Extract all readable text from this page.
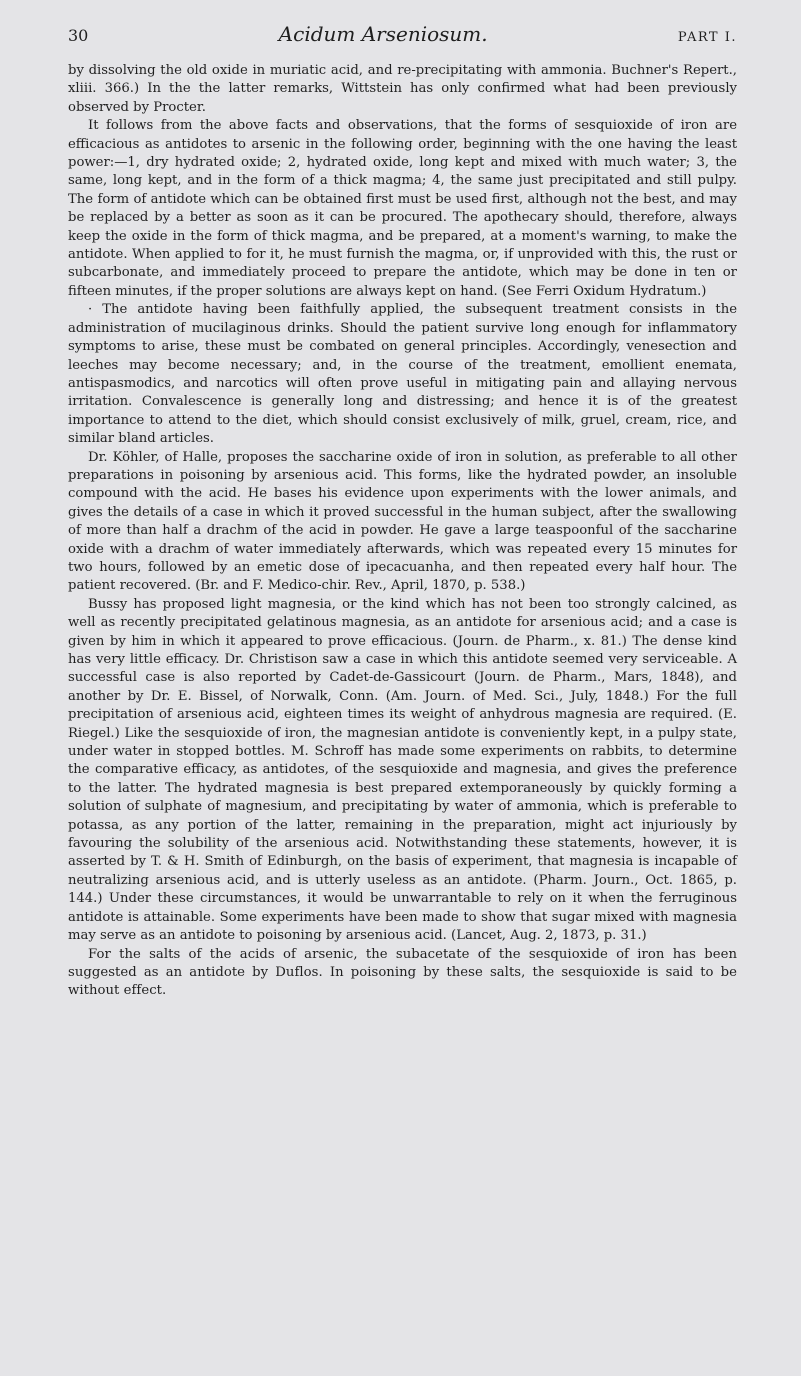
30	Acidum Arseniosum.	PART I.

by dissolving the old oxide in muriatic acid, and re-precipitating with ammonia. Buchner's Repert., xliii. 366.) In the the latter remarks, Wittstein has only confirmed what had been previously observed by Procter.

It follows from the above facts and observations, that the forms of sesquioxide of iron are efficacious as antidotes to arsenic in the following order, beginning with the one having the least power:—1, dry hydrated oxide; 2, hydrated oxide, long kept and mixed with much water; 3, the same, long kept, and in the form of a thick magma; 4, the same just precipitated and still pulpy. The form of antidote which can be obtained first must be used first, although not the best, and may be replaced by a better as soon as it can be procured. The apothecary should, therefore, always keep the oxide in the form of thick magma, and be prepared, at a moment's warning, to make the antidote. When applied to for it, he must furnish the magma, or, if unprovided with this, the rust or subcarbonate, and immediately proceed to prepare the antidote, which may be done in ten or fifteen minutes, if the proper solutions are always kept on hand. (See Ferri Oxidum Hydratum.)

· The antidote having been faithfully applied, the subsequent treatment consists in the administration of mucilaginous drinks. Should the patient survive long enough for inflammatory symptoms to arise, these must be combated on general principles. Accordingly, venesection and leeches may become necessary; and, in the course of the treatment, emollient enemata, antispasmodics, and narcotics will often prove useful in mitigating pain and allaying nervous irritation. Convalescence is generally long and distressing; and hence it is of the greatest importance to attend to the diet, which should consist exclusively of milk, gruel, cream, rice, and similar bland articles.

Dr. Köhler, of Halle, proposes the saccharine oxide of iron in solution, as preferable to all other preparations in poisoning by arsenious acid. This forms, like the hydrated powder, an insoluble compound with the acid. He bases his evidence upon experiments with the lower animals, and gives the details of a case in which it proved successful in the human subject, after the swallowing of more than half a drachm of the acid in powder. He gave a large teaspoonful of the saccharine oxide with a drachm of water immediately afterwards, which was repeated every 15 minutes for two hours, followed by an emetic dose of ipecacuanha, and then repeated every half hour. The patient recovered. (Br. and F. Medico-chir. Rev., April, 1870, p. 538.)

Bussy has proposed light magnesia, or the kind which has not been too strongly calcined, as well as recently precipitated gelatinous magnesia, as an antidote for arsenious acid; and a case is given by him in which it appeared to prove efficacious. (Journ. de Pharm., x. 81.) The dense kind has very little efficacy. Dr. Christison saw a case in which this antidote seemed very serviceable. A successful case is also reported by Cadet-de-Gassicourt (Journ. de Pharm., Mars, 1848), and another by Dr. E. Bissel, of Norwalk, Conn. (Am. Journ. of Med. Sci., July, 1848.) For the full precipitation of arsenious acid, eighteen times its weight of anhydrous magnesia are required. (E. Riegel.) Like the sesquioxide of iron, the magnesian antidote is conveniently kept, in a pulpy state, under water in stopped bottles. M. Schroff has made some experiments on rabbits, to determine the comparative efficacy, as antidotes, of the sesquioxide and magnesia, and gives the preference to the latter. The hydrated magnesia is best prepared extemporaneously by quickly forming a solution of sulphate of magnesium, and precipitating by water of ammonia, which is preferable to potassa, as any portion of the latter, remaining in the preparation, might act injuriously by favouring the solubility of the arsenious acid. Notwithstanding these statements, however, it is asserted by T. & H. Smith of Edinburgh, on the basis of experiment, that magnesia is incapable of neutralizing arsenious acid, and is utterly useless as an antidote. (Pharm. Journ., Oct. 1865, p. 144.) Under these circumstances, it would be unwarrantable to rely on it when the ferruginous antidote is attainable. Some experiments have been made to show that sugar mixed with magnesia may serve as an antidote to poisoning by arsenious acid. (Lancet, Aug. 2, 1873, p. 31.)

For the salts of the acids of arsenic, the subacetate of the sesquioxide of iron has been suggested as an antidote by Duflos. In poisoning by these salts, the sesquioxide is said to be without effect.
